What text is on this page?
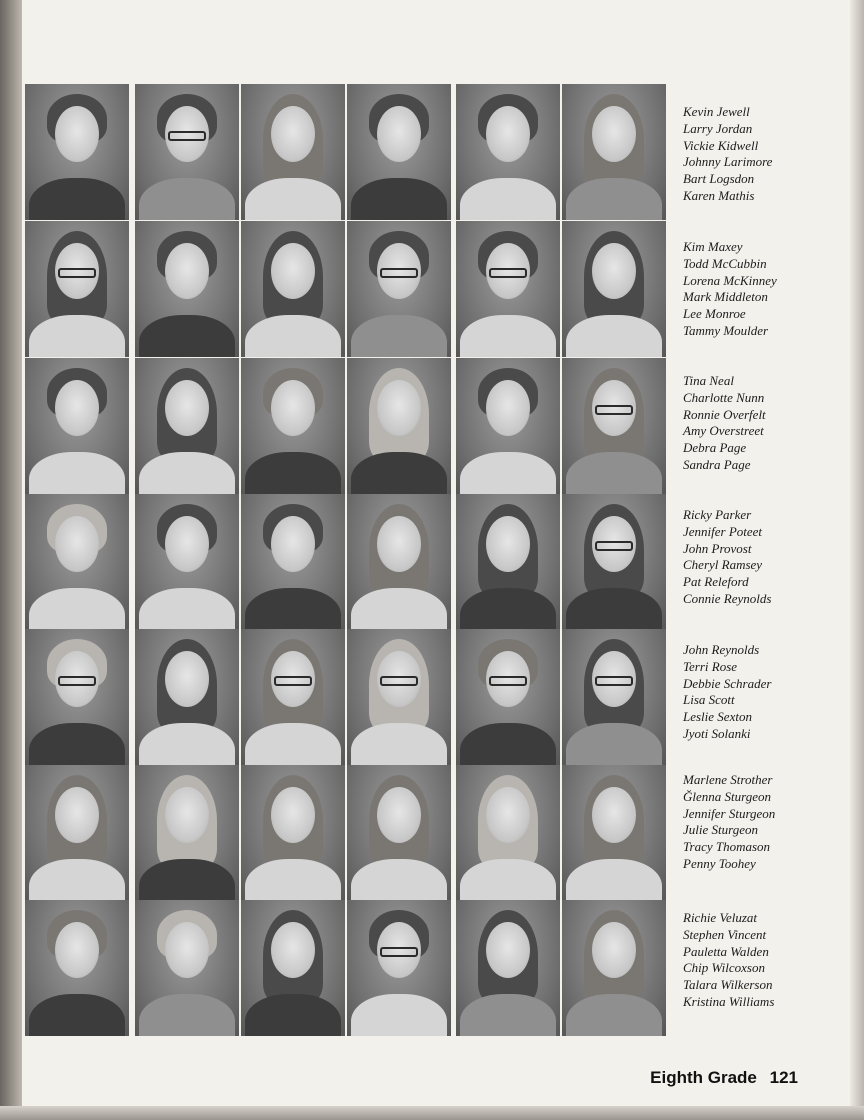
Kevin Jewell
Larry Jordan
Vickie Kidwell
Johnny Larimore
Bart Logsdon
Karen Mathis
Kim Maxey
Todd McCubbin
Lorena McKinney
Mark Middleton
Lee Monroe
Tammy Moulder
Tina Neal
Charlotte Nunn
Ronnie Overfelt
Amy Overstreet
Debra Page
Sandra Page
Ricky Parker
Jennifer Poteet
John Provost
Cheryl Ramsey
Pat Releford
Connie Reynolds
John Reynolds
Terri Rose
Debbie Schrader
Lisa Scott
Leslie Sexton
Jyoti Solanki
Marlene Strother
Ğlenna Sturgeon
Jennifer Sturgeon
Julie Sturgeon
Tracy Thomason
Penny Toohey
Richie Veluzat
Stephen Vincent
Pauletta Walden
Chip Wilcoxson
Talara Wilkerson
Kristina Williams
Eighth Grade 121
